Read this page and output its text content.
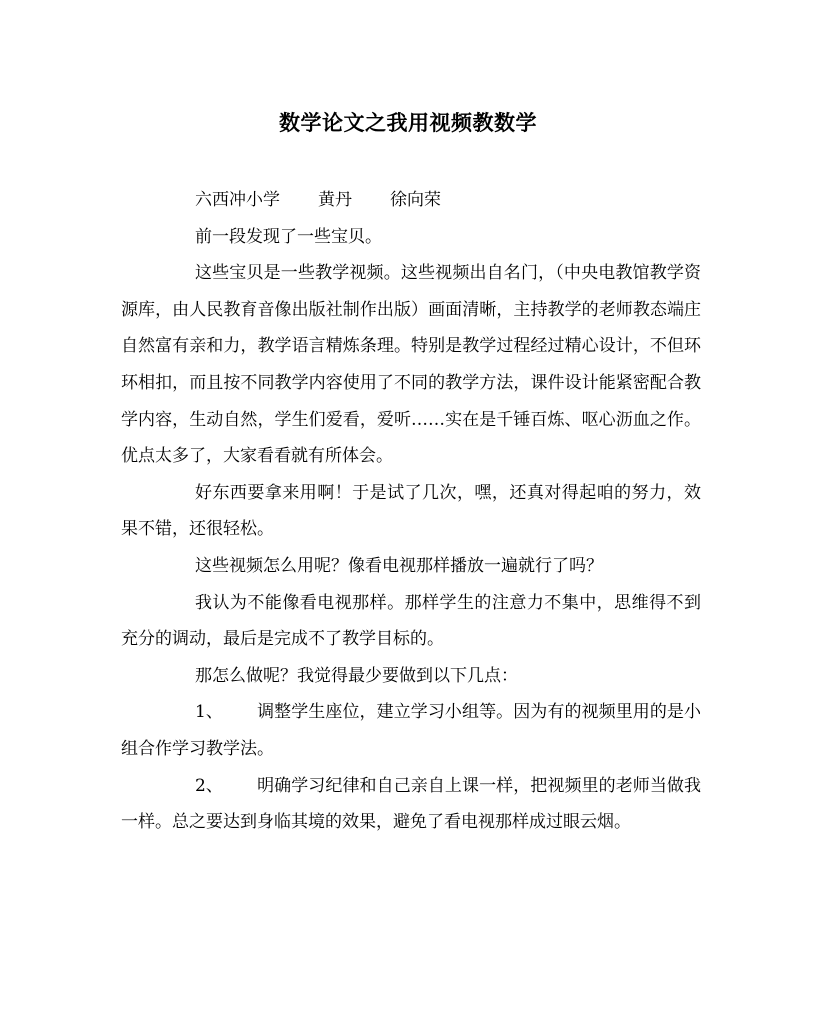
数学论文之我用视频教数学

六西冲小学 黄丹 徐向荣

前一段发现了一些宝贝。

这些宝贝是一些教学视频。这些视频出自名门，（中央电教馆教学资源库，由人民教育音像出版社制作出版）画面清晰，主持教学的老师教态端庄自然富有亲和力，教学语言精炼条理。特别是教学过程经过精心设计，不但环环相扣，而且按不同教学内容使用了不同的教学方法，课件设计能紧密配合教学内容，生动自然，学生们爱看，爱听……实在是千锤百炼、呕心沥血之作。优点太多了，大家看看就有所体会。

好东西要拿来用啊！于是试了几次，嘿，还真对得起咱的努力，效果不错，还很轻松。

这些视频怎么用呢？像看电视那样播放一遍就行了吗？

我认为不能像看电视那样。那样学生的注意力不集中，思维得不到充分的调动，最后是完成不了教学目标的。

那怎么做呢？我觉得最少要做到以下几点：

1、 调整学生座位，建立学习小组等。因为有的视频里用的是小组合作学习教学法。

2、 明确学习纪律和自己亲自上课一样，把视频里的老师当做我一样。总之要达到身临其境的效果，避免了看电视那样成过眼云烟。
